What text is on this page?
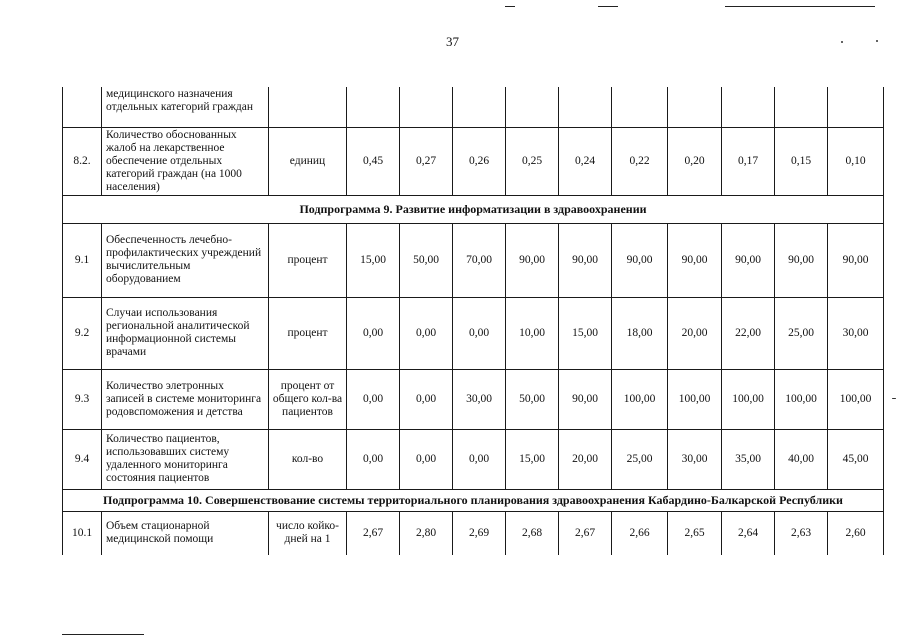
37
	медицинского назначения отдельных категорий граждан											
8.2.	Количество обоснованных жалоб на лекарственное обеспечение отдельных категорий граждан (на 1000 населения)	единиц	0,45	0,27	0,26	0,25	0,24	0,22	0,20	0,17	0,15	0,10
Подпрограмма 9. Развитие информатизации в здравоохранении												
9.1	Обеспеченность лечебно-профилактических учреждений вычислительным оборудованием	процент	15,00	50,00	70,00	90,00	90,00	90,00	90,00	90,00	90,00	90,00
9.2	Случаи использования региональной аналитической информационной системы врачами	процент	0,00	0,00	0,00	10,00	15,00	18,00	20,00	22,00	25,00	30,00
9.3	Количество элетронных записей в системе мониторинга родовспоможения и детства	процент от общего кол-ва пациентов	0,00	0,00	30,00	50,00	90,00	100,00	100,00	100,00	100,00	100,00
9.4	Количество пациентов, использовавших систему удаленного мониторинга состояния пациентов	кол-во	0,00	0,00	0,00	15,00	20,00	25,00	30,00	35,00	40,00	45,00
Подпрограмма 10. Совершенствование системы территориального планирования здравоохранения Кабардино-Балкарской Республики												
10.1	Объем стационарной медицинской помощи	число койко-дней на 1	2,67	2,80	2,69	2,68	2,67	2,66	2,65	2,64	2,63	2,60
